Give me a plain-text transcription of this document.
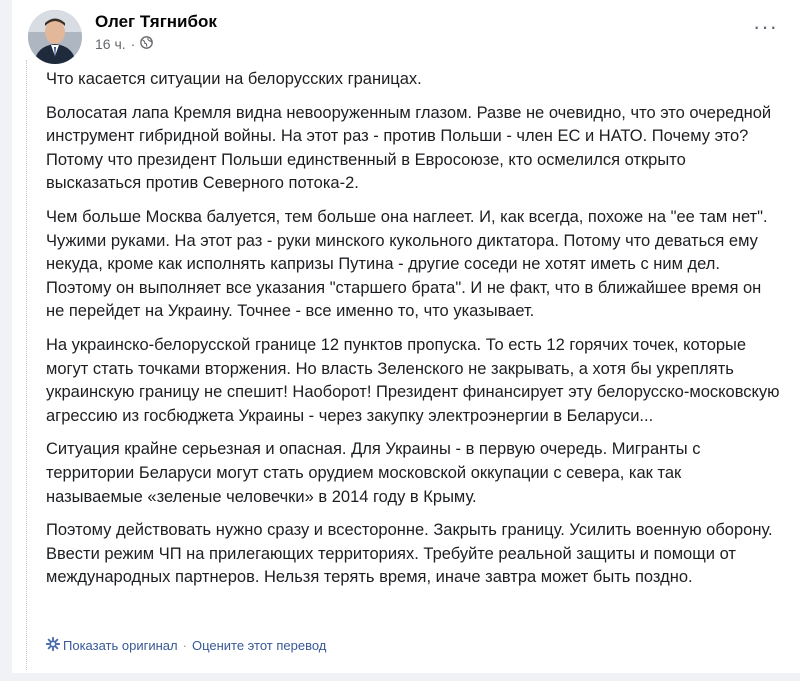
Олег Тягнибок
16 ч. ·
···

Что касается ситуации на белорусских границах.

Волосатая лапа Кремля видна невооруженным глазом. Разве не очевидно, что это очередной инструмент гибридной войны. На этот раз - против Польши - член ЕС и НАТО. Почему это? Потому что президент Польши единственный в Евросоюзе, кто осмелился открыто высказаться против Северного потока-2.

Чем больше Москва балуется, тем больше она наглеет. И, как всегда, похоже на "ее там нет". Чужими руками. На этот раз - руки минского кукольного диктатора. Потому что деваться ему некуда, кроме как исполнять капризы Путина - другие соседи не хотят иметь с ним дел. Поэтому он выполняет все указания "старшего брата". И не факт, что в ближайшее время он не перейдет на Украину. Точнее - все именно то, что указывает.

На украинско-белорусской границе 12 пунктов пропуска. То есть 12 горячих точек, которые могут стать точками вторжения. Но власть Зеленского не закрывать, а хотя бы укреплять украинскую границу не спешит! Наоборот! Президент финансирует эту белорусско-московскую агрессию из госбюджета Украины - через закупку электроэнергии в Беларуси...

Ситуация крайне серьезная и опасная. Для Украины - в первую очередь. Мигранты с территории Беларуси могут стать орудием московской оккупации с севера, как так называемые «зеленые человечки» в 2014 году в Крыму.

Поэтому действовать нужно сразу и всесторонне. Закрыть границу. Усилить военную оборону. Ввести режим ЧП на прилегающих территориях. Требуйте реальной защиты и помощи от международных партнеров. Нельзя терять время, иначе завтра может быть поздно.

Показать оригинал · Оцените этот перевод
